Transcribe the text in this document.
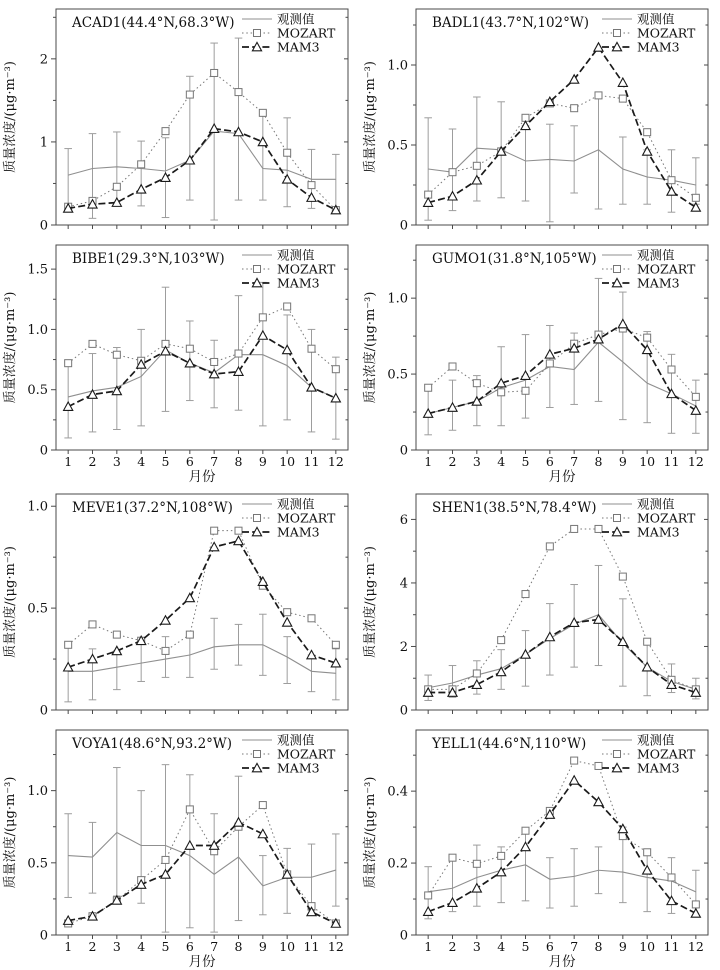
0
1
2
质量浓度/(μg·m⁻³)
ACAD1(44.4°N,68.3°W)	观测值
MOZART
MAM3
0
0.5
1.0
质量浓度/(μg·m⁻³)
BADL1(43.7°N,102°W)	观测值
MOZART
MAM3
0
0.5
1.0
1.5
1 2 3 4 5 6 7 8 9 10 11 12
月份
质量浓度/(μg·m⁻³)
BIBE1(29.3°N,103°W)	观测值
MOZART
MAM3
0
0.5
1.0
1 2 3 4 5 6 7 8 9 10 11 12
月份
质量浓度/(μg·m⁻³)
GUMO1(31.8°N,105°W)	观测值
MOZART
MAM3
0
0.5
1.0
质量浓度/(μg·m⁻³)
MEVE1(37.2°N,108°W)	观测值
MOZART
MAM3
0
2
4
6
质量浓度/(μg·m⁻³)
SHEN1(38.5°N,78.4°W)	观测值
MOZART
MAM3
0
0.5
1.0
1 2 3 4 5 6 7 8 9 10 11 12
月份
质量浓度/(μg·m⁻³)
VOYA1(48.6°N,93.2°W)	观测值
MOZART
MAM3
0
0.2
0.4
1 2 3 4 5 6 7 8 9 10 11 12
月份
质量浓度/(μg·m⁻³)
YELL1(44.6°N,110°W)	观测值
MOZART
MAM3
